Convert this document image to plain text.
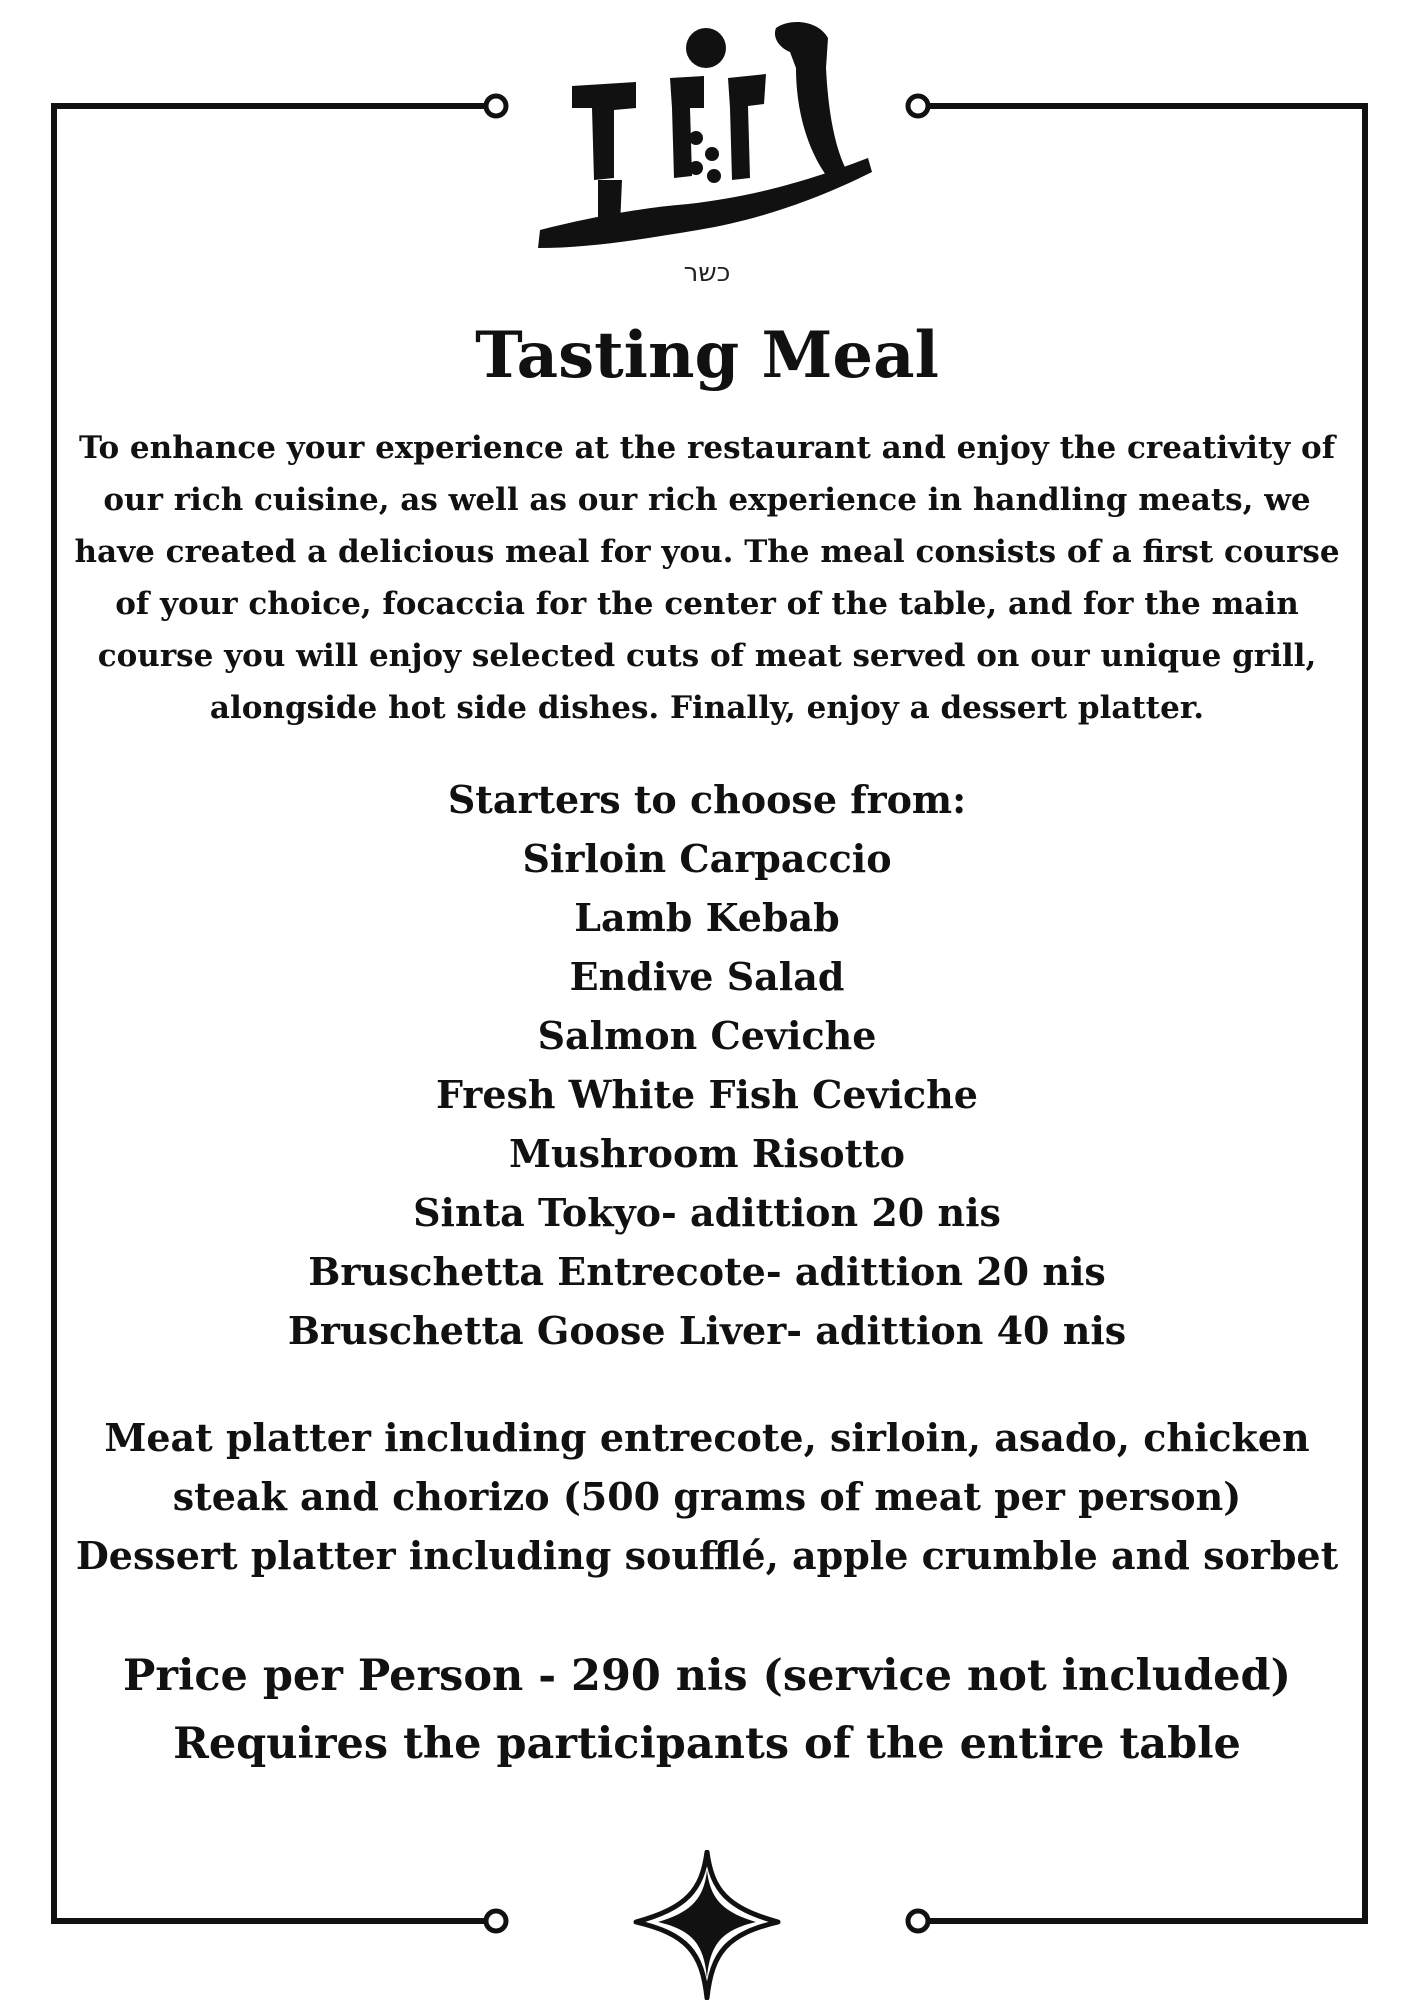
כשר
Tasting Meal
To enhance your experience at the restaurant and enjoy the creativity of
our rich cuisine, as well as our rich experience in handling meats, we
have created a delicious meal for you. The meal consists of a first course
of your choice, focaccia for the center of the table, and for the main
course you will enjoy selected cuts of meat served on our unique grill,
alongside hot side dishes. Finally, enjoy a dessert platter.
Starters to choose from:
Sirloin Carpaccio
Lamb Kebab
Endive Salad
Salmon Ceviche
Fresh White Fish Ceviche
Mushroom Risotto
Sinta Tokyo- adittion 20 nis
Bruschetta Entrecote- adittion 20 nis
Bruschetta Goose Liver- adittion 40 nis
Meat platter including entrecote, sirloin, asado, chicken
steak and chorizo (500 grams of meat per person)
Dessert platter including soufflé, apple crumble and sorbet
Price per Person - 290 nis (service not included)
Requires the participants of the entire table
